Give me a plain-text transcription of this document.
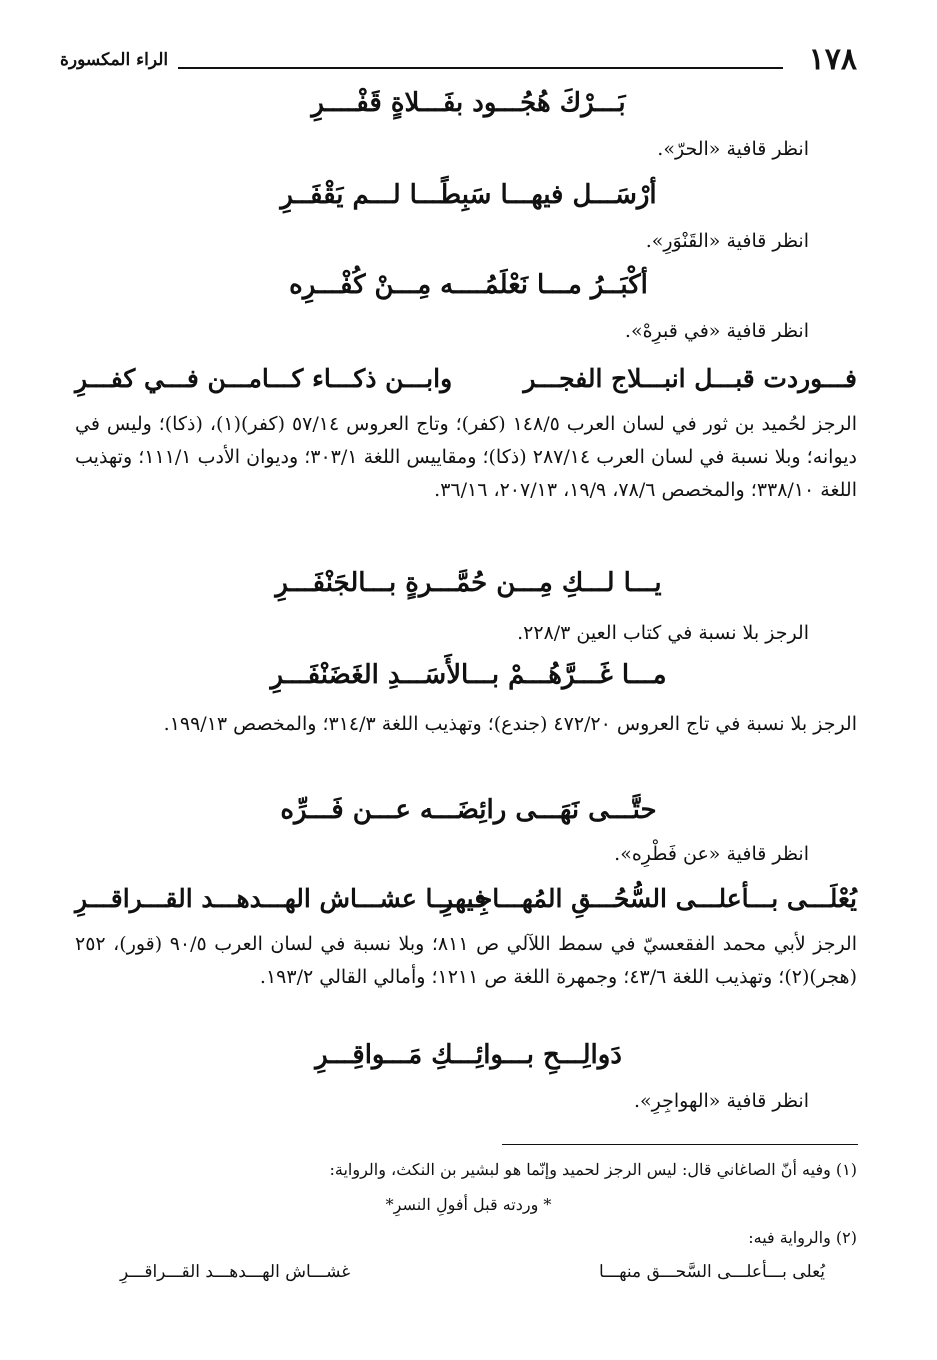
١٧٨
الراء المكسورة
بَـــرْكَ هُجُـــود بفَـــلاةٍ قَفْــــرِ
انظر قافية «الحرّ».
أرْسَـــل فيهـــا سَبِطًـــا لـــم يَقْفَــرِ
انظر قافية «القَنْوَرِ».
أكْبَــرُ مـــا نَعْلَمُــــه مِـــنْ كُفْـــرِه
انظر قافية «في قبرِهْ».
فـــوردت قبـــل انبـــلاج الفجـــر
وابـــن ذكـــاء كـــامـــن فـــي كفـــرِ
الرجز لحُميد بن ثور في لسان العرب ١٤٨/٥ (كفر)؛ وتاج العروس ٥٧/١٤ (كفر)(١)، (ذكا)؛ وليس في ديوانه؛ وبلا نسبة في لسان العرب ٢٨٧/١٤ (ذكا)؛ ومقاييس اللغة ٣٠٣/١؛ وديوان الأدب ١١١/١؛ وتهذيب اللغة ٣٣٨/١٠؛ والمخصص ٧٨/٦، ١٩/٩، ٢٠٧/١٣، ٣٦/١٦.
يـــا لـــكِ مِـــن حُمَّـــرةٍ بـــالجَنْفَـــرِ
الرجز بلا نسبة في كتاب العين ٢٢٨/٣.
مـــا غَـــرَّهُـــمْ بـــالأَسَـــدِ الغَضَنْفَـــرِ
الرجز بلا نسبة في تاج العروس ٤٧٢/٢٠ (جندع)؛ وتهذيب اللغة ٣١٤/٣؛ والمخصص ١٩٩/١٣.
حتَّـــى نَهَـــى رائِضَـــه عـــن فَـــرِّه
انظر قافية «عن فَطْرِه».
يُعْلَـــى بـــأعلـــى السُّحُـــقِ المُهـــاجِـــرِ
فيهـــا عشـــاش الهـــدهـــد القـــراقـــرِ
الرجز لأبي محمد الفقعسيّ في سمط اللآلي ص ٨١١؛ وبلا نسبة في لسان العرب ٩٠/٥ (قور)، ٢٥٢ (هجر)(٢)؛ وتهذيب اللغة ٤٣/٦؛ وجمهرة اللغة ص ١٢١١؛ وأمالي القالي ١٩٣/٢.
دَوالِـــحِ بـــوائِـــكِ مَـــواقِـــرِ
انظر قافية «الهواجِرِ».
(١) وفيه أنّ الصاغاني قال: ليس الرجز لحميد وإنّما هو لبشير بن النكث، والرواية:
* وردته قبل أفولِ النسرِ*
(٢) والرواية فيه:
يُعلى بـــأعلـــى السَّحـــق منهـــا
غشـــاش الهـــدهـــد القـــراقـــرِ
